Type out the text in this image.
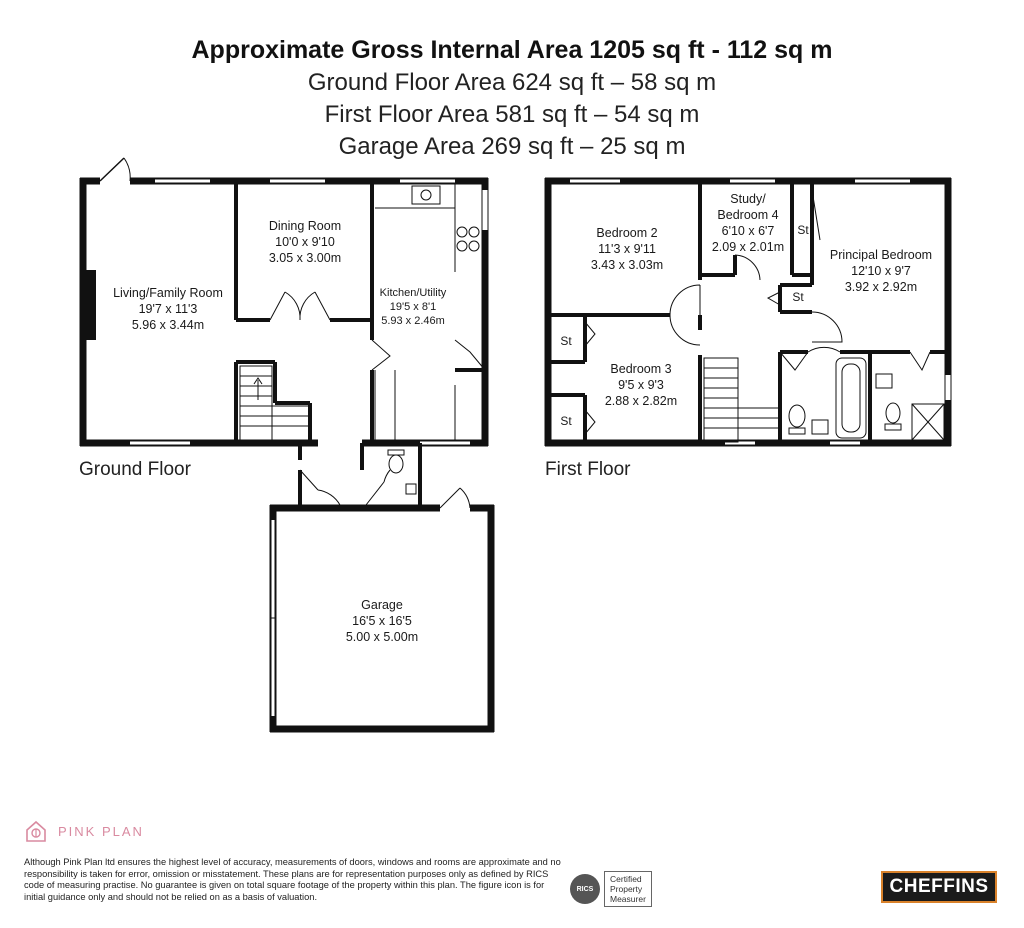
Approximate Gross Internal Area 1205 sq ft - 112 sq m
Ground Floor Area 624 sq ft – 58 sq m
First Floor Area 581 sq ft – 54 sq m
Garage Area 269 sq ft – 25 sq m
Living/Family Room
19'7 x 11'3
5.96 x 3.44m
Dining Room
10'0 x 9'10
3.05 x 3.00m
Kitchen/Utility
19'5 x 8'1
5.93 x 2.46m
Garage
16'5 x 16'5
5.00 x 5.00m
Bedroom 2
11'3 x 9'11
3.43 x 3.03m
Study/
Bedroom 4
6'10 x 6'7
2.09 x 2.01m
Principal Bedroom
12'10 x 9'7
3.92 x 2.92m
Bedroom 3
9'5 x 9'3
2.88 x 2.82m
St
St
St
St
Ground Floor	First Floor
PINK PLAN
Although Pink Plan ltd ensures the highest level of accuracy, measurements of doors, windows and rooms are approximate and no responsibility is taken for error, omission or misstatement. These plans are for representation purposes only as defined by RICS code of measuring practise. No guarantee is given on total square footage of the property within this plan. The figure icon is for initial guidance only and should not be relied on as a basis of valuation.
RICS
Certified
Property
Measurer
CHEFFINS
